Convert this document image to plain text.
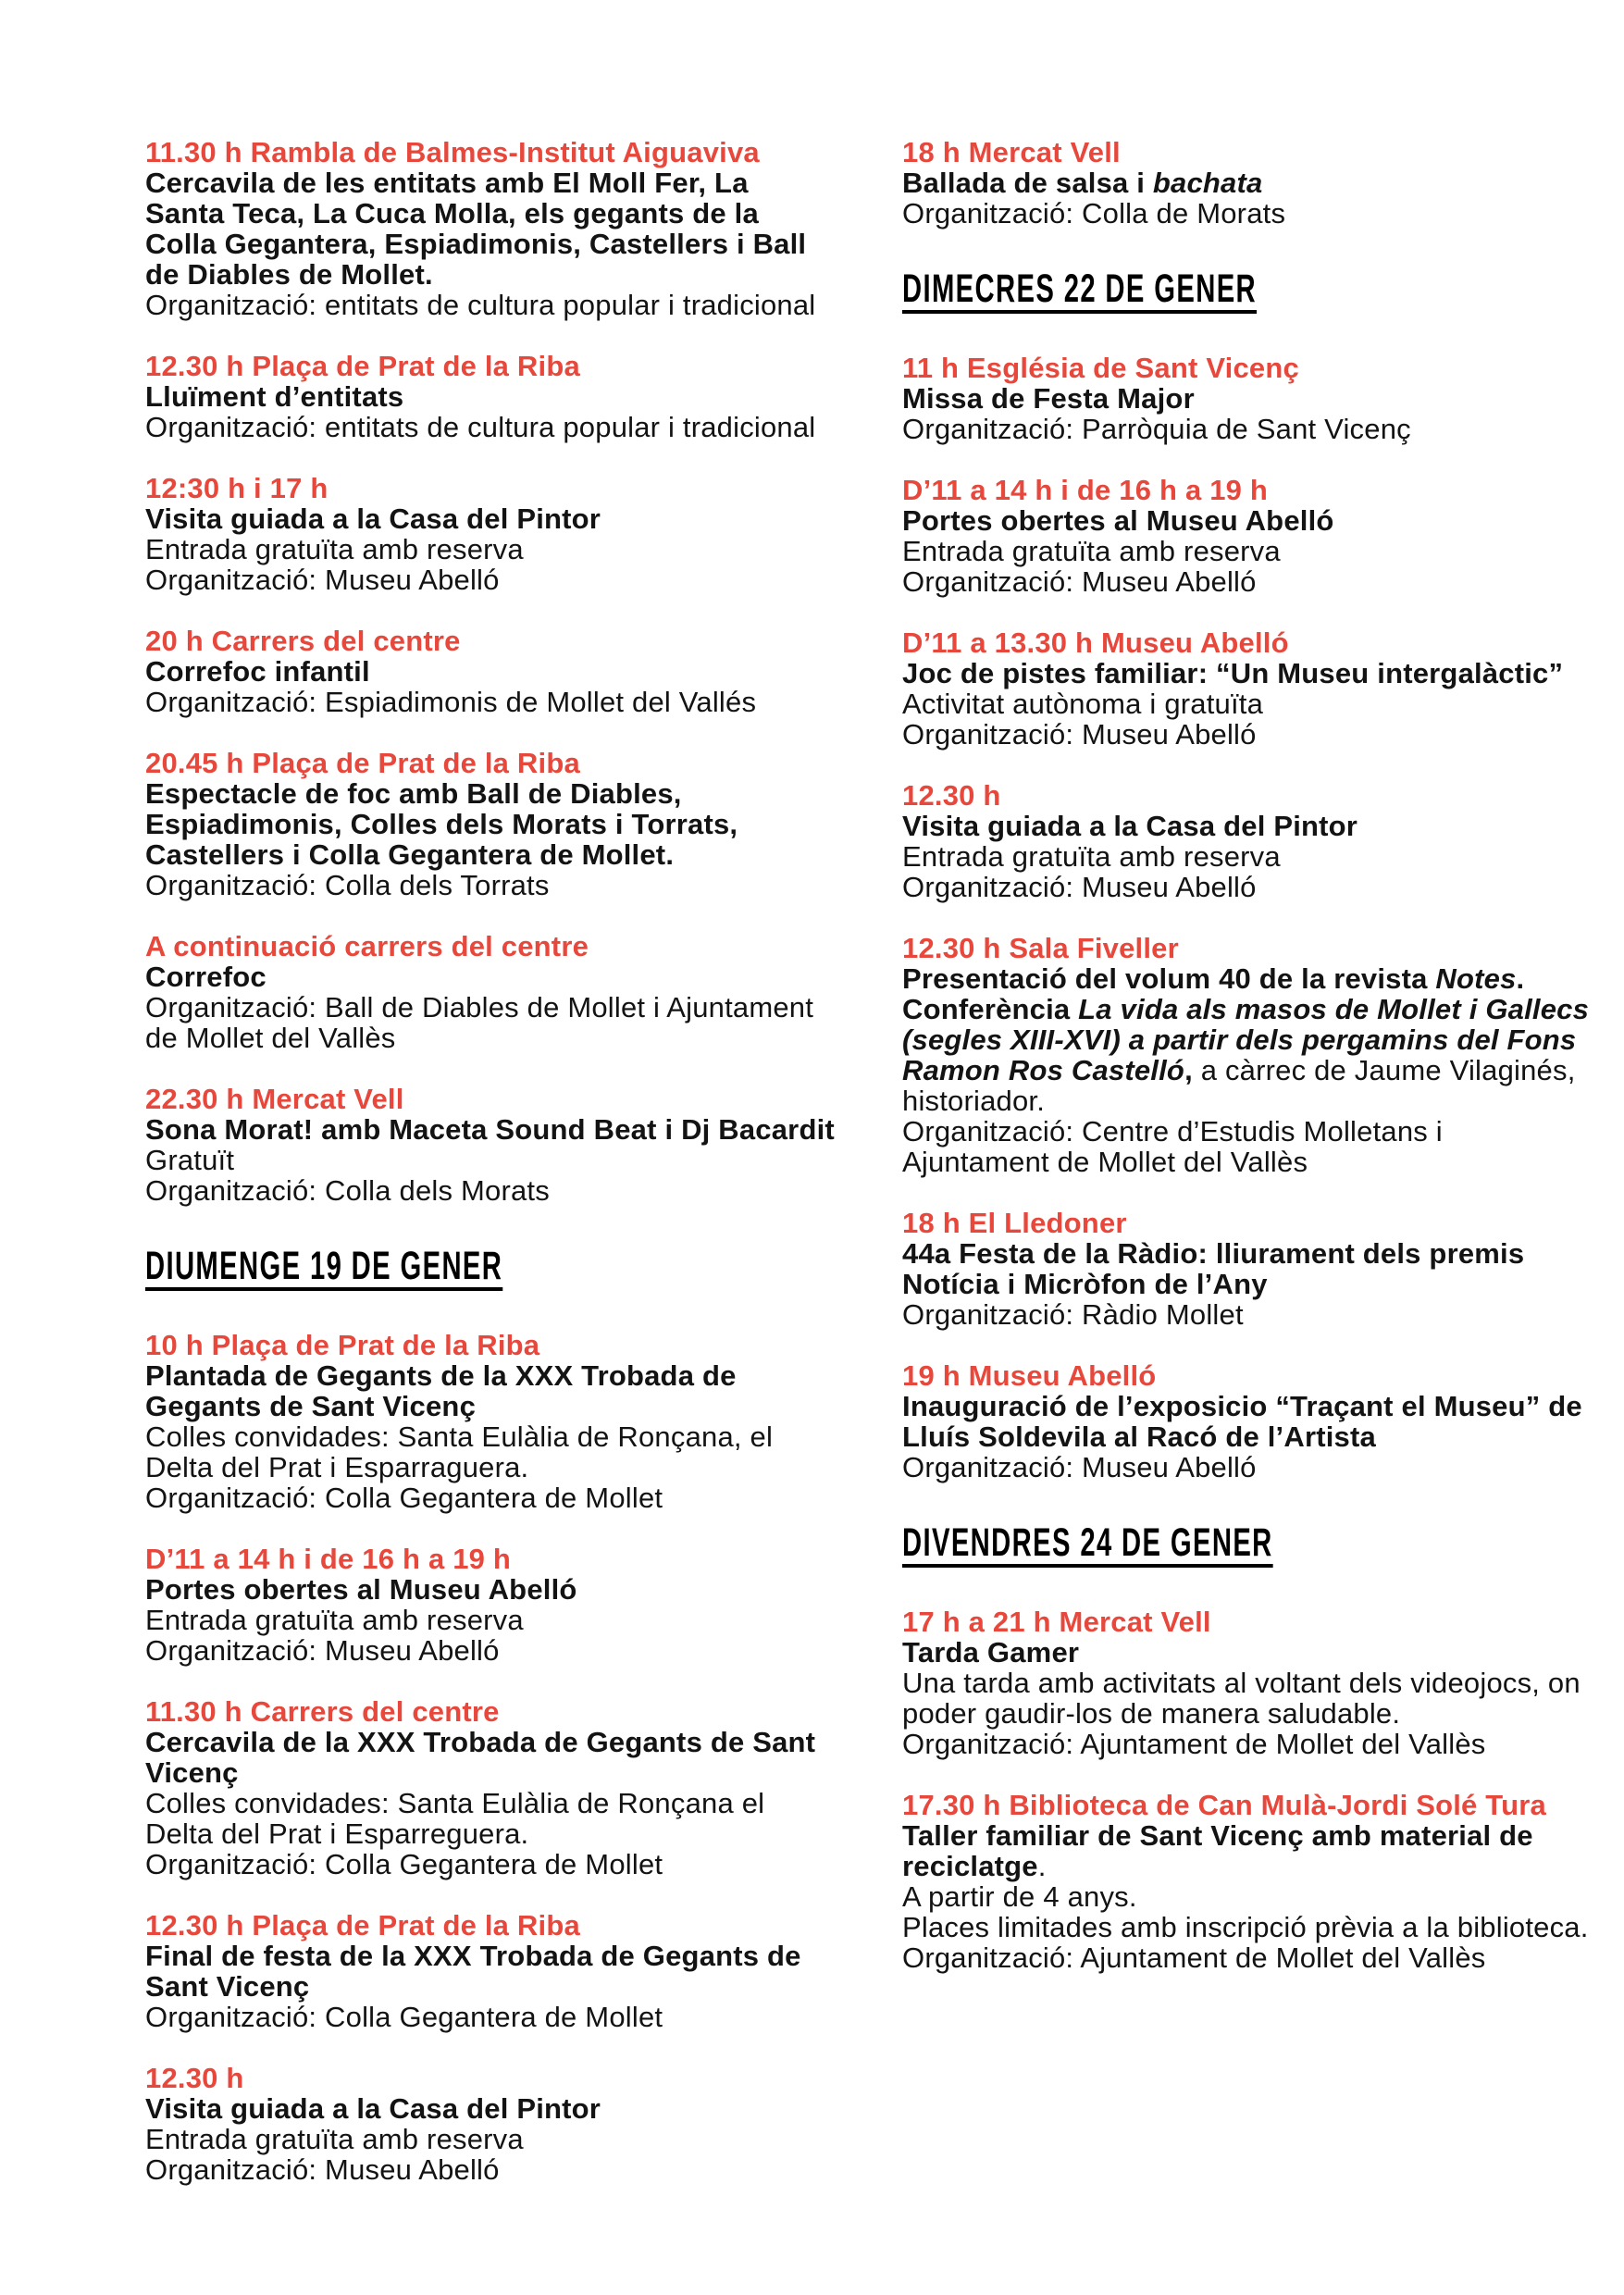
11.30 h Rambla de Balmes-Institut Aiguaviva

Cercavila de les entitats amb El Moll Fer, La Santa Teca, La Cuca Molla, els gegants de la Colla Gegantera, Espiadimonis, Castellers i Ball de Diables de Mollet.

Organització: entitats de cultura popular i tradicional

12.30 h Plaça de Prat de la Riba

Lluïment d’entitats

Organització: entitats de cultura popular i tradicional

12:30 h i 17 h

Visita guiada a la Casa del Pintor

Entrada gratuïta amb reserva

Organització: Museu Abelló

20 h Carrers del centre

Correfoc infantil

Organització: Espiadimonis de Mollet del Vallés

20.45 h Plaça de Prat de la Riba

Espectacle de foc amb Ball de Diables, Espiadimonis, Colles dels Morats i Torrats, Castellers i Colla Gegantera de Mollet.

Organització: Colla dels Torrats

A continuació carrers del centre

Correfoc

Organització: Ball de Diables de Mollet i Ajuntament de Mollet del Vallès

22.30 h Mercat Vell

Sona Morat! amb Maceta Sound Beat i Dj Bacardit

Gratuït

Organització: Colla dels Morats

DIUMENGE 19 DE GENER

10 h Plaça de Prat de la Riba

Plantada de Gegants de la XXX Trobada de Gegants de Sant Vicenç

Colles convidades: Santa Eulàlia de Ronçana, el Delta del Prat i Esparraguera.

Organització: Colla Gegantera de Mollet

D’11 a 14 h i de 16 h a 19 h

Portes obertes al Museu Abelló

Entrada gratuïta amb reserva

Organització: Museu Abelló

11.30 h Carrers del centre

Cercavila de la XXX Trobada de Gegants de Sant Vicenç

Colles convidades: Santa Eulàlia de Ronçana el Delta del Prat i Esparreguera.

Organització: Colla Gegantera de Mollet

12.30 h Plaça de Prat de la Riba

Final de festa de la XXX Trobada de Gegants de Sant Vicenç

Organització: Colla Gegantera de Mollet

12.30 h

Visita guiada a la Casa del Pintor

Entrada gratuïta amb reserva

Organització: Museu Abelló

18 h Mercat Vell

Ballada de salsa i bachata

Organització: Colla de Morats

DIMECRES 22 DE GENER

11 h Església de Sant Vicenç

Missa de Festa Major

Organització: Parròquia de Sant Vicenç

D’11 a 14 h i de 16 h a 19 h

Portes obertes al Museu Abelló

Entrada gratuïta amb reserva

Organització: Museu Abelló

D’11 a 13.30 h Museu Abelló

Joc de pistes familiar: “Un Museu intergalàctic”

Activitat autònoma i gratuïta

Organització: Museu Abelló

12.30 h

Visita guiada a la Casa del Pintor

Entrada gratuïta amb reserva

Organització: Museu Abelló

12.30 h Sala Fiveller

Presentació del volum 40 de la revista Notes. Conferència La vida als masos de Mollet i Gallecs (segles XIII-XVI) a partir dels pergamins del Fons Ramon Ros Castelló, a càrrec de Jaume Vilaginés, historiador.

Organització: Centre d’Estudis Molletans i Ajuntament de Mollet del Vallès

18 h El Lledoner

44a Festa de la Ràdio: lliurament dels premis Notícia i Micròfon de l’Any

Organització: Ràdio Mollet

19 h Museu Abelló

Inauguració de l’exposicio “Traçant el Museu” de Lluís Soldevila al Racó de l’Artista

Organització: Museu Abelló

DIVENDRES 24 DE GENER

17 h a 21 h Mercat Vell

Tarda Gamer

Una tarda amb activitats al voltant dels videojocs, on poder gaudir-los de manera saludable.

Organització: Ajuntament de Mollet del Vallès

17.30 h Biblioteca de Can Mulà-Jordi Solé Tura

Taller familiar de Sant Vicenç amb material de reciclatge.

A partir de 4 anys.

Places limitades amb inscripció prèvia a la biblioteca.

Organització: Ajuntament de Mollet del Vallès
